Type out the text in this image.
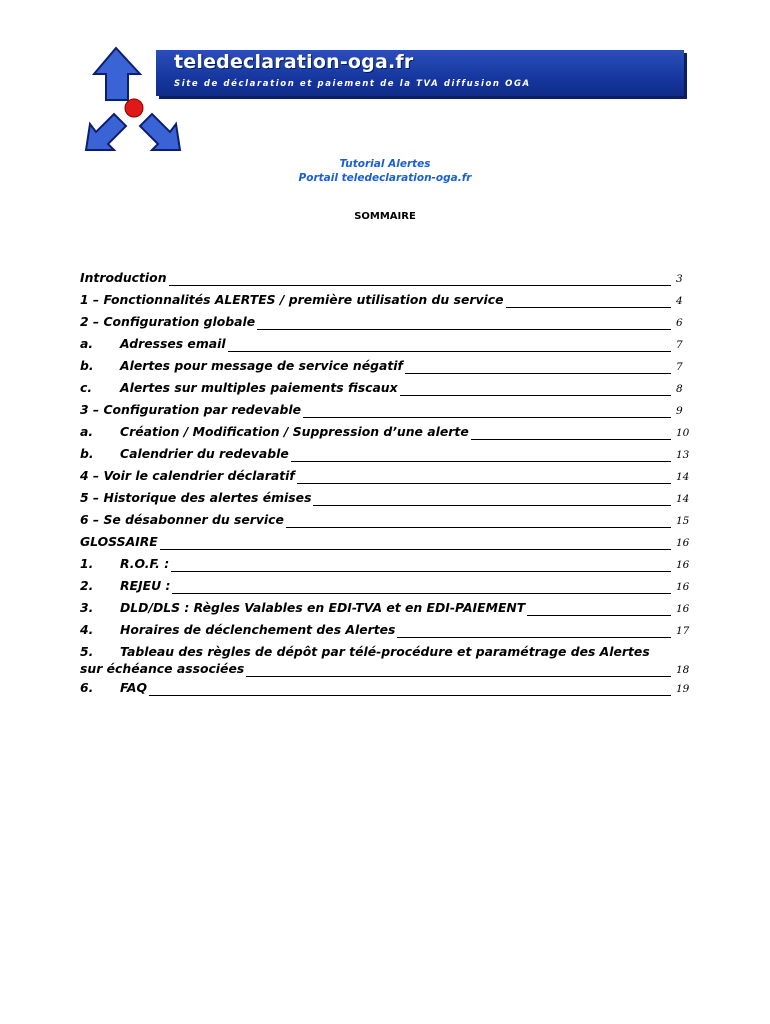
teledeclaration-oga.fr
Site de déclaration et paiement de la TVA diffusion OGA
Tutorial Alertes
Portail teledeclaration-oga.fr
SOMMAIRE
Introduction	3
1 – Fonctionnalités ALERTES / première utilisation du service	4
2 – Configuration globale	6
a.	Adresses email	7
b.	Alertes pour message de service négatif	7
c.	Alertes sur multiples paiements fiscaux	8
3 – Configuration par redevable	9
a.	Création / Modification / Suppression d’une alerte	10
b.	Calendrier du redevable	13
4 – Voir le calendrier déclaratif	14
5 – Historique des alertes émises	14
6 – Se désabonner du service	15
GLOSSAIRE	16
1.	R.O.F. :	16
2.	REJEU :	16
3.	DLD/DLS : Règles Valables en EDI-TVA et en EDI-PAIEMENT	16
4.	Horaires de déclenchement des Alertes	17
5.	Tableau des règles de dépôt par télé-procédure et paramétrage des Alertes
sur échéance associées	18
6.	FAQ	19
